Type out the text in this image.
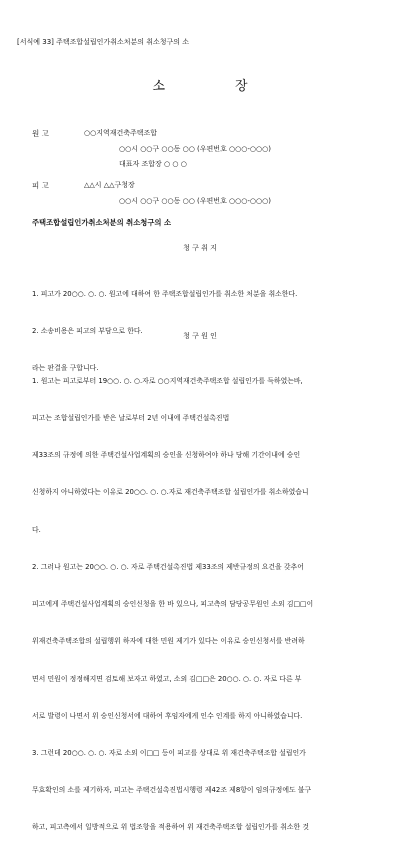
[서식예 33] 주택조합설립인가취소처분의 취소청구의 소
소	장
원 고	○○지역재건축주택조합
○○시 ○○구 ○○동 ○○ (우편번호 ○○○-○○○)
대표자 조합장 ○ ○ ○
피 고	△△시 △△구청장
○○시 ○○구 ○○동 ○○ (우편번호 ○○○-○○○)
주택조합설립인가취소처분의 취소청구의 소
청 구 취 지

1. 피고가 20○○. ○. ○. 원고에 대하여 한 주택조합설립인가를 취소한 처분을 취소한다.

2. 소송비용은 피고의 부담으로 한다.

라는 판결을 구합니다.

청 구 원 인

1. 원고는 피고로부터 19○○. ○. ○.자로 ○○지역재건축주택조합 설립인가를 득하였는바,

피고는 조합설립인가를 받은 날로부터 2년 이내에 주택건설촉진법

제33조의 규정에 의한 주택건설사업계획의 승인을 신청하여야 하나 당해 기간이내에 승인

신청하지 아니하였다는 이유로 20○○. ○. ○.자로 재건축주택조합 설립인가를 취소하였습니

다.

2. 그러나 원고는 20○○. ○. ○. 자로 주택건설촉진법 제33조의 제반규정의 요건을 갖추어

피고에게 주택건설사업계획의 승인신청을 한 바 있으나, 피고측의 담당공무원인 소외 김□□이

위재건축주택조합의 설립행위 하자에 대한 민원 제기가 있다는 이유로 승인신청서를 반려하

면서 민원이 정정해지면 검토해 보자고 하였고, 소외 김□□은 20○○. ○. ○. 자로 다른 부

서로 발령이 나면서 위 승인신청서에 대하여 후임자에게 인수 인계를 하지 아니하였습니다.

3. 그런데 20○○. ○. ○. 자로 소외 이□□ 등이 피고를 상대로 위 재건축주택조합 설립인가

무효확인의 소를 제기하자, 피고는 주택건설촉진법시행령 제42조 제8항이 임의규정에도 불구

하고, 피고측에서 일방적으로 위 법조항을 적용하여 위 재건축주택조합 설립인가를 취소한 것
